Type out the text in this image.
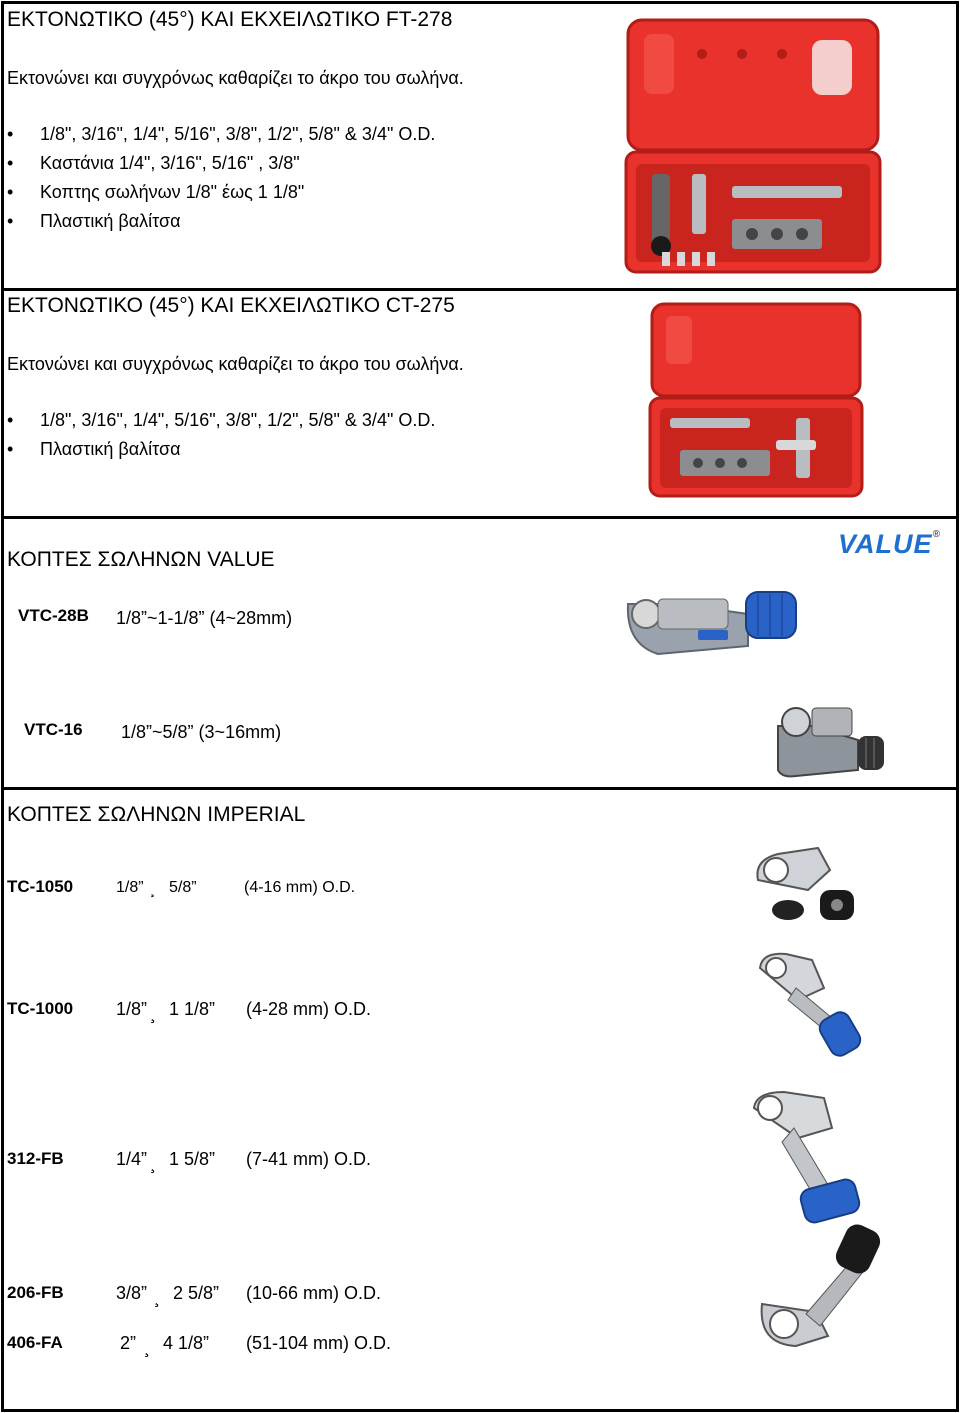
ΕΚΤΟΝΩΤΙΚΟ (45°) ΚΑΙ ΕΚΧΕΙΛΩΤΙΚΟ FT-278
Εκτονώνει και συγχρόνως καθαρίζει το άκρο του σωλήνα.
• 1/8", 3/16", 1/4", 5/16", 3/8", 1/2", 5/8" & 3/4" O.D.
• Καστάνια 1/4", 3/16", 5/16" , 3/8"
• Κοπτης σωλήνων 1/8" έως 1 1/8"
• Πλαστική βαλίτσα
ΕΚΤΟΝΩΤΙΚΟ (45°) ΚΑΙ ΕΚΧΕΙΛΩΤΙΚΟ CT-275
Εκτονώνει και συγχρόνως καθαρίζει το άκρο του σωλήνα.
• 1/8", 3/16", 1/4", 5/16", 3/8", 1/2", 5/8" & 3/4" O.D.
• Πλαστική βαλίτσα
ΚΟΠΤΕΣ ΣΩΛΗΝΩΝ VALUE
VALUE®
VTC-28B 1/8”~1-1/8” (4~28mm)
VTC-16 1/8”~5/8” (3~16mm)
ΚΟΠΤΕΣ ΣΩΛΗΝΩΝ IMPERIAL
TC-1050	1/8” ¸ 5/8”	(4-16 mm) O.D.
TC-1000 1/8” ¸ 1 1/8” (4-28 mm) O.D.
312-FB	1/4” ¸ 1 5/8” (7-41 mm) O.D.
206-FB	3/8” ¸ 2 5/8” (10-66 mm) O.D.
406-FA	2” ¸ 4 1/8” (51-104 mm) O.D.
